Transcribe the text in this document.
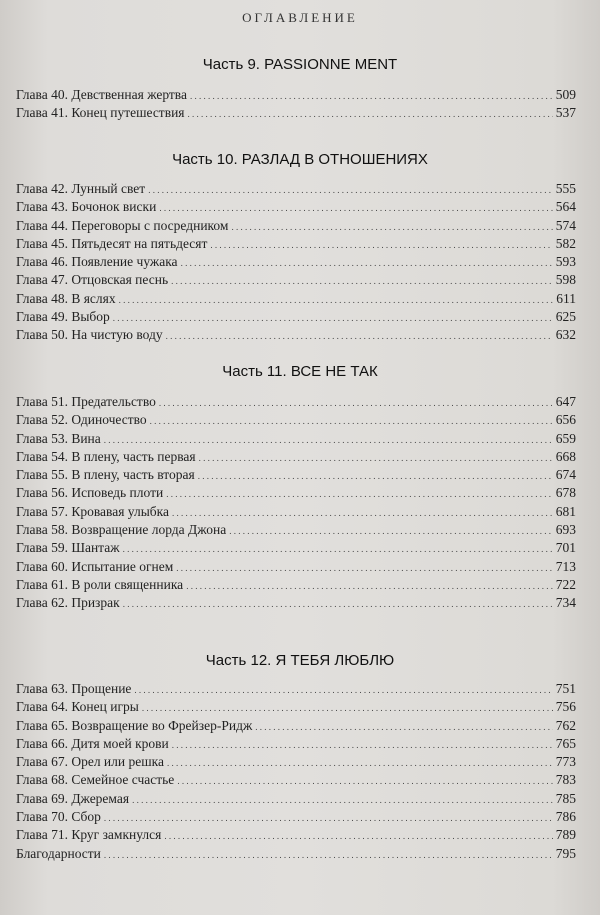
ОГЛАВЛЕНИЕ
Часть 9. PASSIONNE MENT
Глава 40. Девственная жертва . . .	509
Глава 41. Конец путешествия . . .	537
Часть 10. РАЗЛАД В ОТНОШЕНИЯХ
Глава 42. Лунный свет . . .	555
Глава 43. Бочонок виски . . .	564
Глава 44. Переговоры с посредником . . .	574
Глава 45. Пятьдесят на пятьдесят . . .	582
Глава 46. Появление чужака . . .	593
Глава 47. Отцовская песнь . . .	598
Глава 48. В яслях . . .	611
Глава 49. Выбор . . .	625
Глава 50. На чистую воду . . .	632
Часть 11. ВСЕ НЕ ТАК
Глава 51. Предательство . . .	647
Глава 52. Одиночество . . .	656
Глава 53. Вина . . .	659
Глава 54. В плену, часть первая . . .	668
Глава 55. В плену, часть вторая . . .	674
Глава 56. Исповедь плоти . . .	678
Глава 57. Кровавая улыбка . . .	681
Глава 58. Возвращение лорда Джона . . .	693
Глава 59. Шантаж . . .	701
Глава 60. Испытание огнем . . .	713
Глава 61. В роли священника . . .	722
Глава 62. Призрак . . .	734
Часть 12. Я ТЕБЯ ЛЮБЛЮ
Глава 63. Прощение . . .	751
Глава 64. Конец игры . . .	756
Глава 65. Возвращение во Фрейзер-Ридж . . .	762
Глава 66. Дитя моей крови . . .	765
Глава 67. Орел или решка . . .	773
Глава 68. Семейное счастье . . .	783
Глава 69. Джеремая . . .	785
Глава 70. Сбор . . .	786
Глава 71. Круг замкнулся . . .	789
Благодарности . . .	795
